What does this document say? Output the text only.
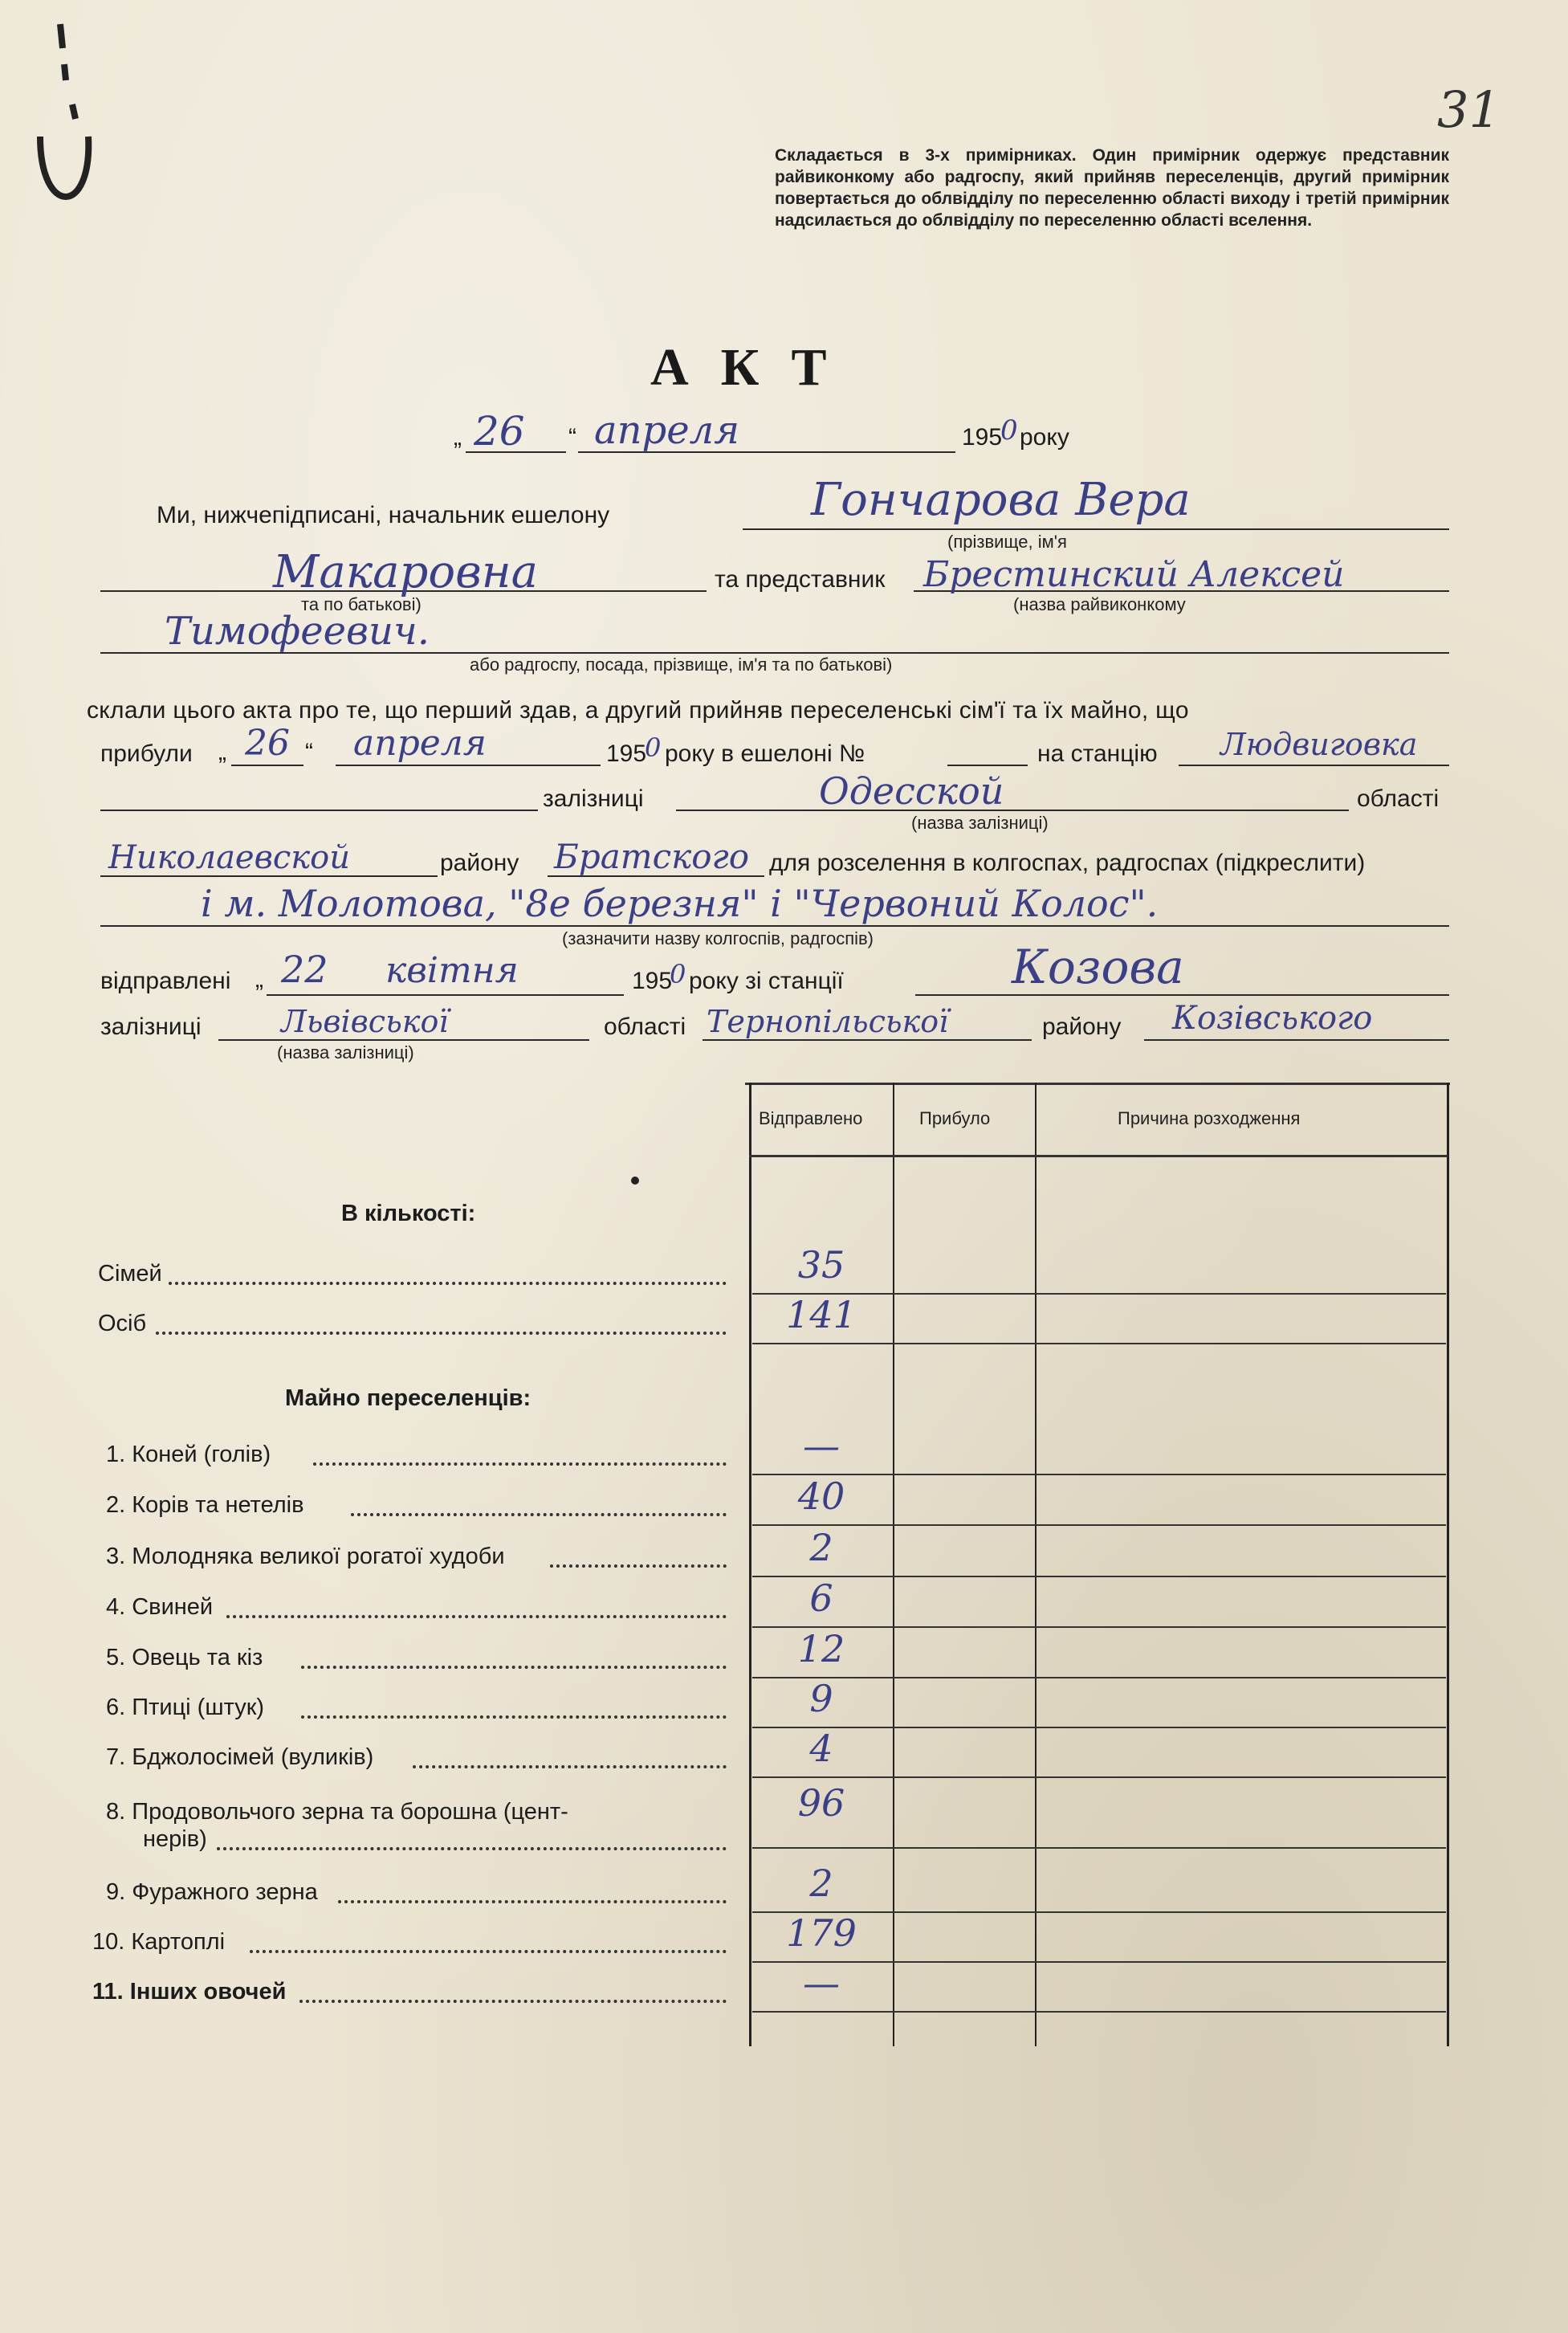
31
Складається в 3-х примірниках. Один примірник одержує представник райвиконкому або радгоспу, який прийняв переселенців, другий примірник повертається до облвідділу по переселенню області виходу і третій примірник надсилається до облвідділу по переселенню області вселення.
АКТ
„ 26 “ апреля	195
0 року
Ми, нижчепідписані, начальник ешелону	Гончарова Вера
(прізвище, ім'я
Макаровна
та по батькові)
та представник Брестинский Алексей
(назва райвиконкому
Тимофеевич.
або радгоспу, посада, прізвище, ім'я та по батькові)
склали цього акта про те, що перший здав, а другий прийняв переселенські сім'ї та їх майно, що
прибули „ 26 “ апреля	195
0 року в ешелоні №	на станцію Людвиговка
залізниці	Одесской
(назва залізниці)
області
Николаевской	району Братского для розселення в колгоспах, радгоспах (підкреслити)
і м. Молотова, "8е березня" і "Червоний Колос".
(зазначити назву колгоспів, радгоспів)
відправлені „ 22 квітня	195
0 року зі станції	Козова
залізниці	Львівської
(назва залізниці)
області Тернопільської	району Козівського
Відправлено	Прибуло	Причина розходження
В кількості:
Майно переселенців:
Сімей	35
Осіб	141
1. Коней (голів)	—
2. Корів та нетелів	40
3. Молодняка великої рогатої худоби	2
4. Свиней	6
5. Овець та кіз	12
6. Птиці (штук)	9
7. Бджолосімей (вуликів)	4
8. Продовольчого зерна та борошна (цент-
нерів)
96
9. Фуражного зерна	2
10. Картоплі	179
11. Інших овочей	—
